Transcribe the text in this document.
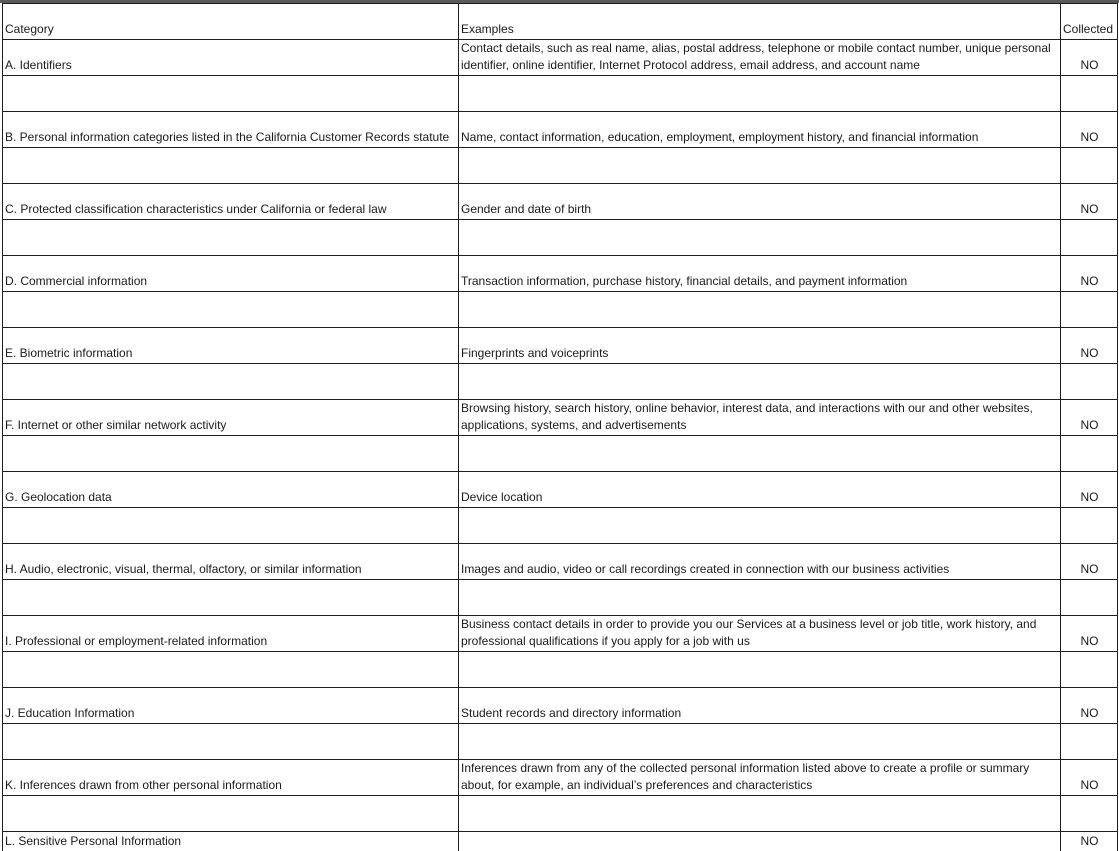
Category	Examples	Collected
A. Identifiers	Contact details, such as real name, alias, postal address, telephone or mobile contact number, unique personal identifier, online identifier, Internet Protocol address, email address, and account name	NO

B. Personal information categories listed in the California Customer Records statute	Name, contact information, education, employment, employment history, and financial information	NO

C. Protected classification characteristics under California or federal law	Gender and date of birth	NO

D. Commercial information	Transaction information, purchase history, financial details, and payment information	NO

E. Biometric information	Fingerprints and voiceprints	NO

F. Internet or other similar network activity	Browsing history, search history, online behavior, interest data, and interactions with our and other websites, applications, systems, and advertisements	NO

G. Geolocation data	Device location	NO

H. Audio, electronic, visual, thermal, olfactory, or similar information	Images and audio, video or call recordings created in connection with our business activities	NO

I. Professional or employment-related information	Business contact details in order to provide you our Services at a business level or job title, work history, and professional qualifications if you apply for a job with us	NO

J. Education Information	Student records and directory information	NO

K. Inferences drawn from other personal information	Inferences drawn from any of the collected personal information listed above to create a profile or summary about, for example, an individual’s preferences and characteristics	NO

L. Sensitive Personal Information		NO
